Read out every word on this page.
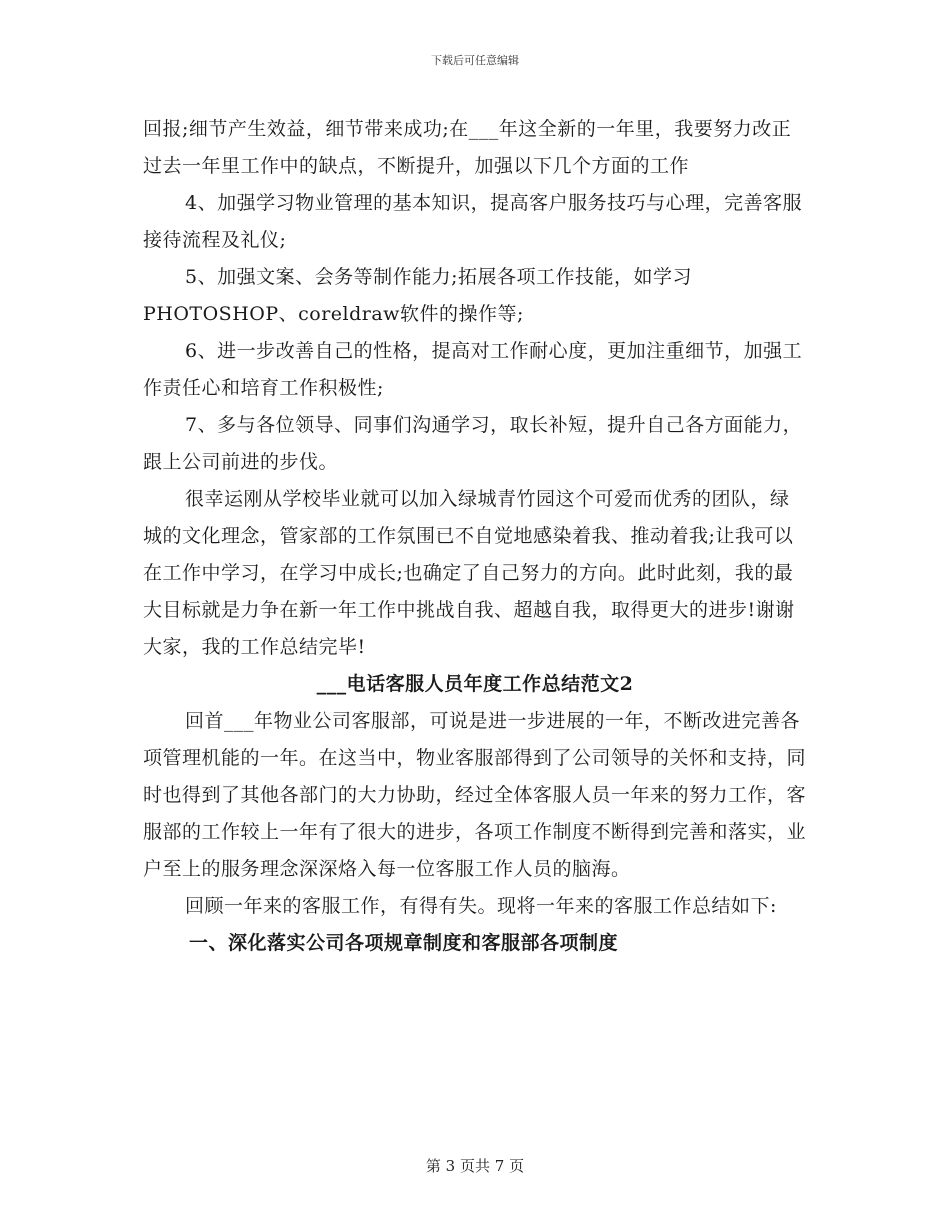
下载后可任意编辑

回报;细节产生效益，细节带来成功;在___年这全新的一年里，我要努力改正过去一年里工作中的缺点，不断提升，加强以下几个方面的工作

4、加强学习物业管理的基本知识，提高客户服务技巧与心理，完善客服接待流程及礼仪;

5、加强文案、会务等制作能力;拓展各项工作技能，如学习PHOTOSHOP、coreldraw软件的操作等;

6、进一步改善自己的性格，提高对工作耐心度，更加注重细节，加强工作责任心和培育工作积极性;

7、多与各位领导、同事们沟通学习，取长补短，提升自己各方面能力，跟上公司前进的步伐。

很幸运刚从学校毕业就可以加入绿城青竹园这个可爱而优秀的团队，绿城的文化理念，管家部的工作氛围已不自觉地感染着我、推动着我;让我可以在工作中学习，在学习中成长;也确定了自己努力的方向。此时此刻，我的最大目标就是力争在新一年工作中挑战自我、超越自我，取得更大的进步!谢谢大家，我的工作总结完毕!

___电话客服人员年度工作总结范文2

回首___年物业公司客服部，可说是进一步进展的一年，不断改进完善各项管理机能的一年。在这当中，物业客服部得到了公司领导的关怀和支持，同时也得到了其他各部门的大力协助，经过全体客服人员一年来的努力工作，客服部的工作较上一年有了很大的进步，各项工作制度不断得到完善和落实，业户至上的服务理念深深烙入每一位客服工作人员的脑海。

回顾一年来的客服工作，有得有失。现将一年来的客服工作总结如下:

一、深化落实公司各项规章制度和客服部各项制度

第 3 页共 7 页
